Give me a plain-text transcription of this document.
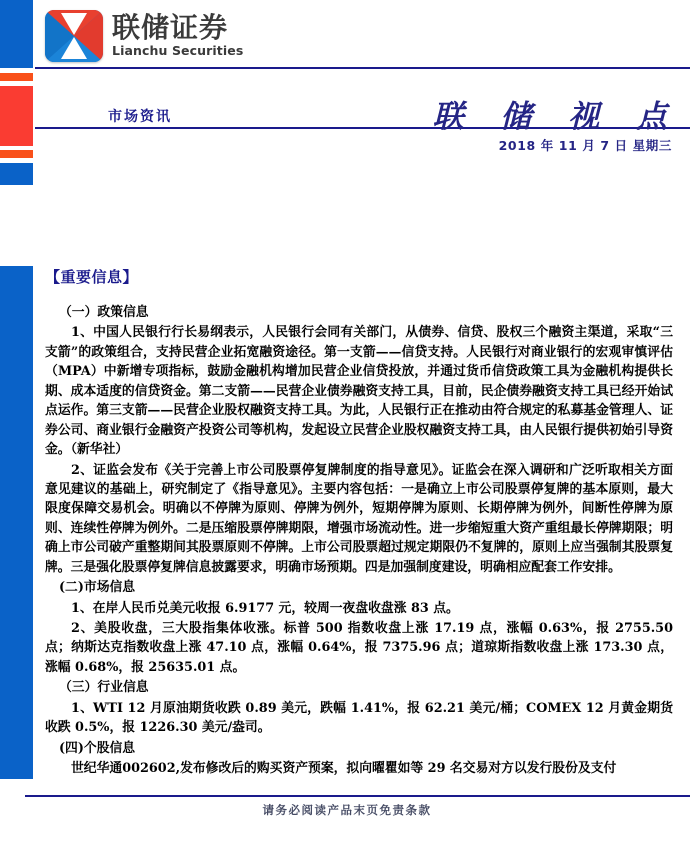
联储证券
Lianchu Securities
市场资讯	联 储 视 点
2018 年 11 月 7 日 星期三
【重要信息】
（一）政策信息
1、中国人民银行行长易纲表示，人民银行会同有关部门，从债券、信贷、股权三个融资主渠道，采取“三支箭”的政策组合，支持民营企业拓宽融资途径。第一支箭——信贷支持。人民银行对商业银行的宏观审慎评估（MPA）中新增专项指标，鼓励金融机构增加民营企业信贷投放，并通过货币信贷政策工具为金融机构提供长期、成本适度的信贷资金。第二支箭——民营企业债券融资支持工具，目前，民企债券融资支持工具已经开始试点运作。第三支箭——民营企业股权融资支持工具。为此，人民银行正在推动由符合规定的私募基金管理人、证券公司、商业银行金融资产投资公司等机构，发起设立民营企业股权融资支持工具，由人民银行提供初始引导资金。（新华社）
2、证监会发布《关于完善上市公司股票停复牌制度的指导意见》。证监会在深入调研和广泛听取相关方面意见建议的基础上，研究制定了《指导意见》。主要内容包括：一是确立上市公司股票停复牌的基本原则，最大限度保障交易机会。明确以不停牌为原则、停牌为例外，短期停牌为原则、长期停牌为例外，间断性停牌为原则、连续性停牌为例外。二是压缩股票停牌期限，增强市场流动性。进一步缩短重大资产重组最长停牌期限；明确上市公司破产重整期间其股票原则不停牌。上市公司股票超过规定期限仍不复牌的，原则上应当强制其股票复牌。三是强化股票停复牌信息披露要求，明确市场预期。四是加强制度建设，明确相应配套工作安排。
(二)市场信息
1、在岸人民币兑美元收报 6.9177 元，较周一夜盘收盘涨 83 点。
2、美股收盘，三大股指集体收涨。标普 500 指数收盘上涨 17.19 点，涨幅 0.63%，报 2755.50 点；纳斯达克指数收盘上涨 47.10 点，涨幅 0.64%，报 7375.96 点；道琼斯指数收盘上涨 173.30 点，涨幅 0.68%，报 25635.01 点。
（三）行业信息
1、WTI 12 月原油期货收跌 0.89 美元，跌幅 1.41%，报 62.21 美元/桶；COMEX 12 月黄金期货收跌 0.5%，报 1226.30 美元/盎司。
(四)个股信息
世纪华通002602,发布修改后的购买资产预案，拟向曜瞿如等 29 名交易对方以发行股份及支付
请务必阅读产品末页免责条款
